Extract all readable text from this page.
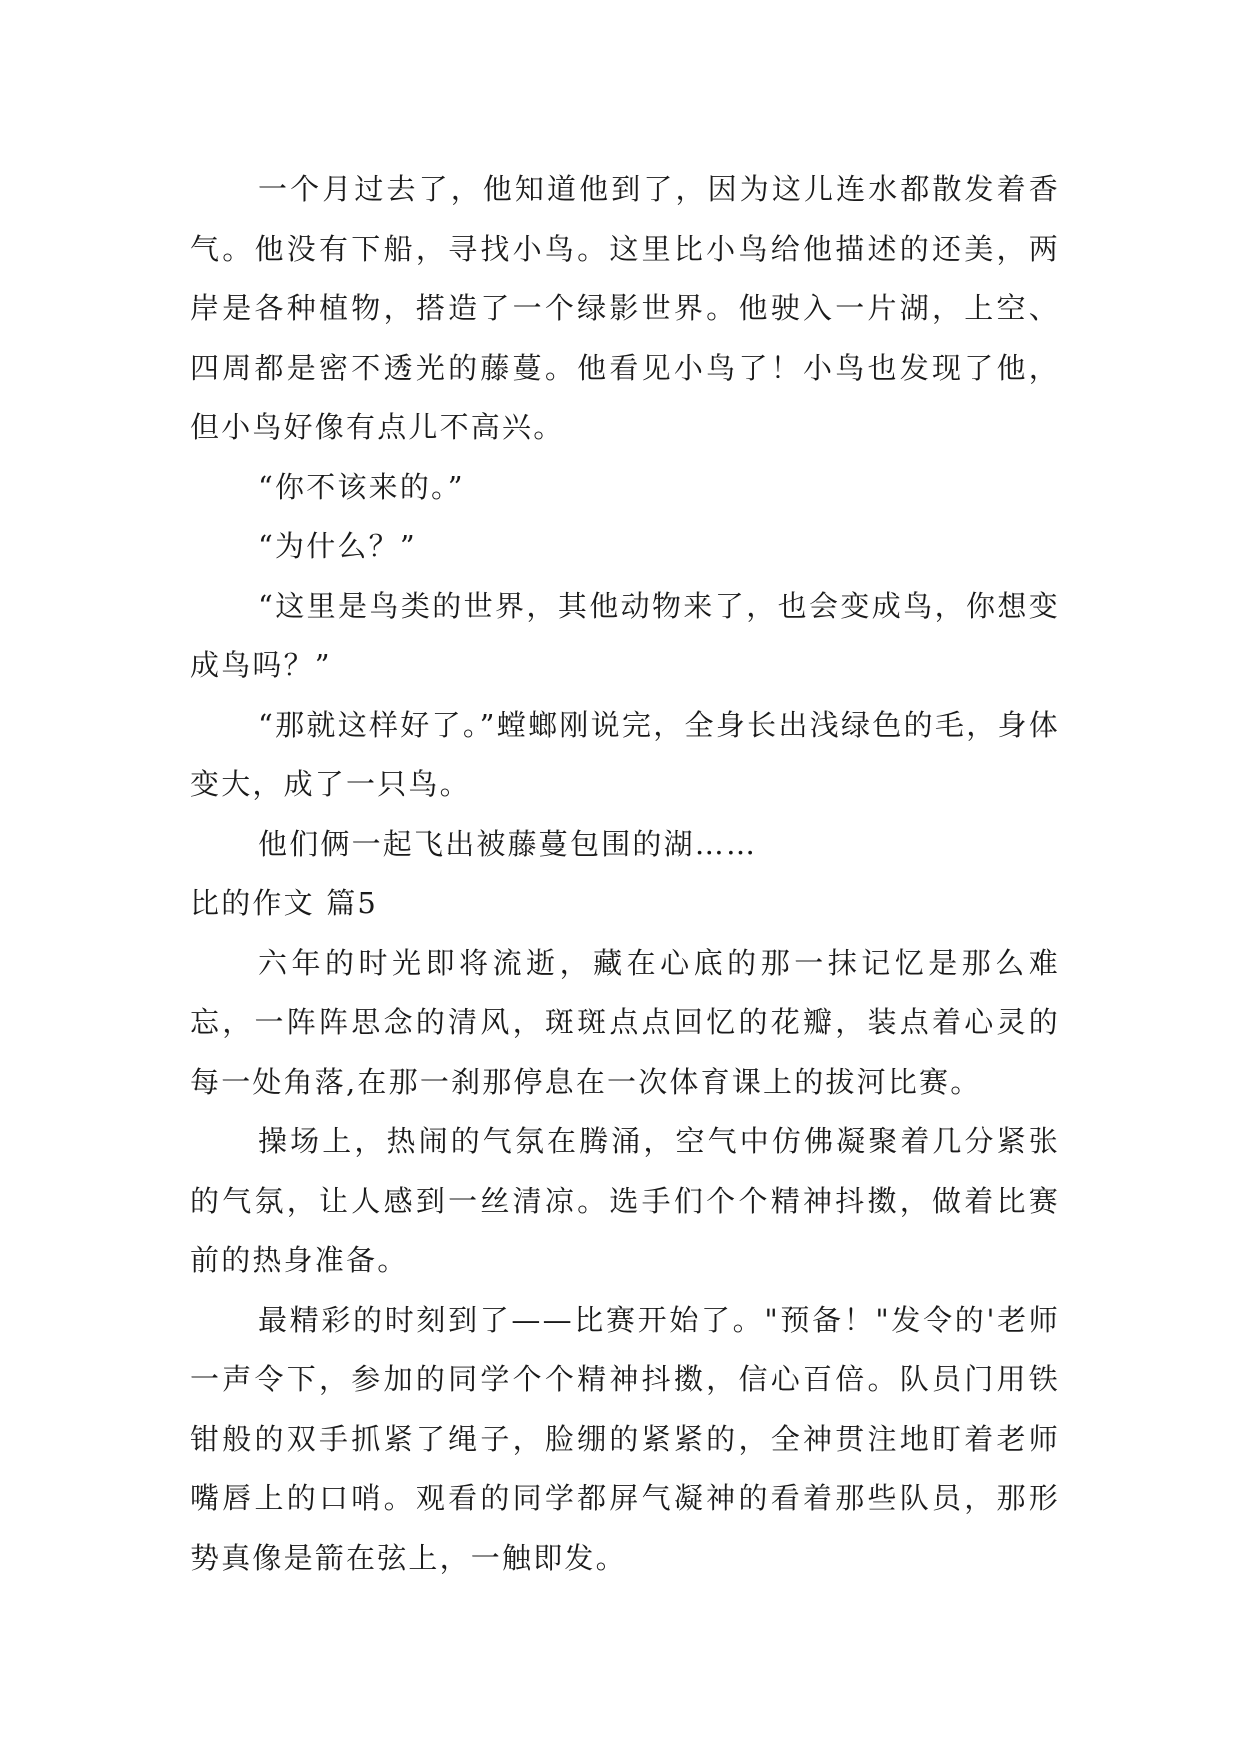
一个月过去了，他知道他到了，因为这儿连水都散发着香气。他没有下船，寻找小鸟。这里比小鸟给他描述的还美，两岸是各种植物，搭造了一个绿影世界。他驶入一片湖，上空、四周都是密不透光的藤蔓。他看见小鸟了！小鸟也发现了他，但小鸟好像有点儿不高兴。

“你不该来的。”

“为什么？”

“这里是鸟类的世界，其他动物来了，也会变成鸟，你想变成鸟吗？”

“那就这样好了。”螳螂刚说完，全身长出浅绿色的毛，身体变大，成了一只鸟。

他们俩一起飞出被藤蔓包围的湖……

比的作文 篇5

六年的时光即将流逝，藏在心底的那一抹记忆是那么难忘，一阵阵思念的清风，斑斑点点回忆的花瓣，装点着心灵的每一处角落,在那一刹那停息在一次体育课上的拔河比赛。

操场上，热闹的气氛在腾涌，空气中仿佛凝聚着几分紧张的气氛，让人感到一丝清凉。选手们个个精神抖擞，做着比赛前的热身准备。

最精彩的时刻到了——比赛开始了。"预备！"发令的'老师一声令下，参加的同学个个精神抖擞，信心百倍。队员门用铁钳般的双手抓紧了绳子，脸绷的紧紧的，全神贯注地盯着老师嘴唇上的口哨。观看的同学都屏气凝神的看着那些队员，那形势真像是箭在弦上，一触即发。
